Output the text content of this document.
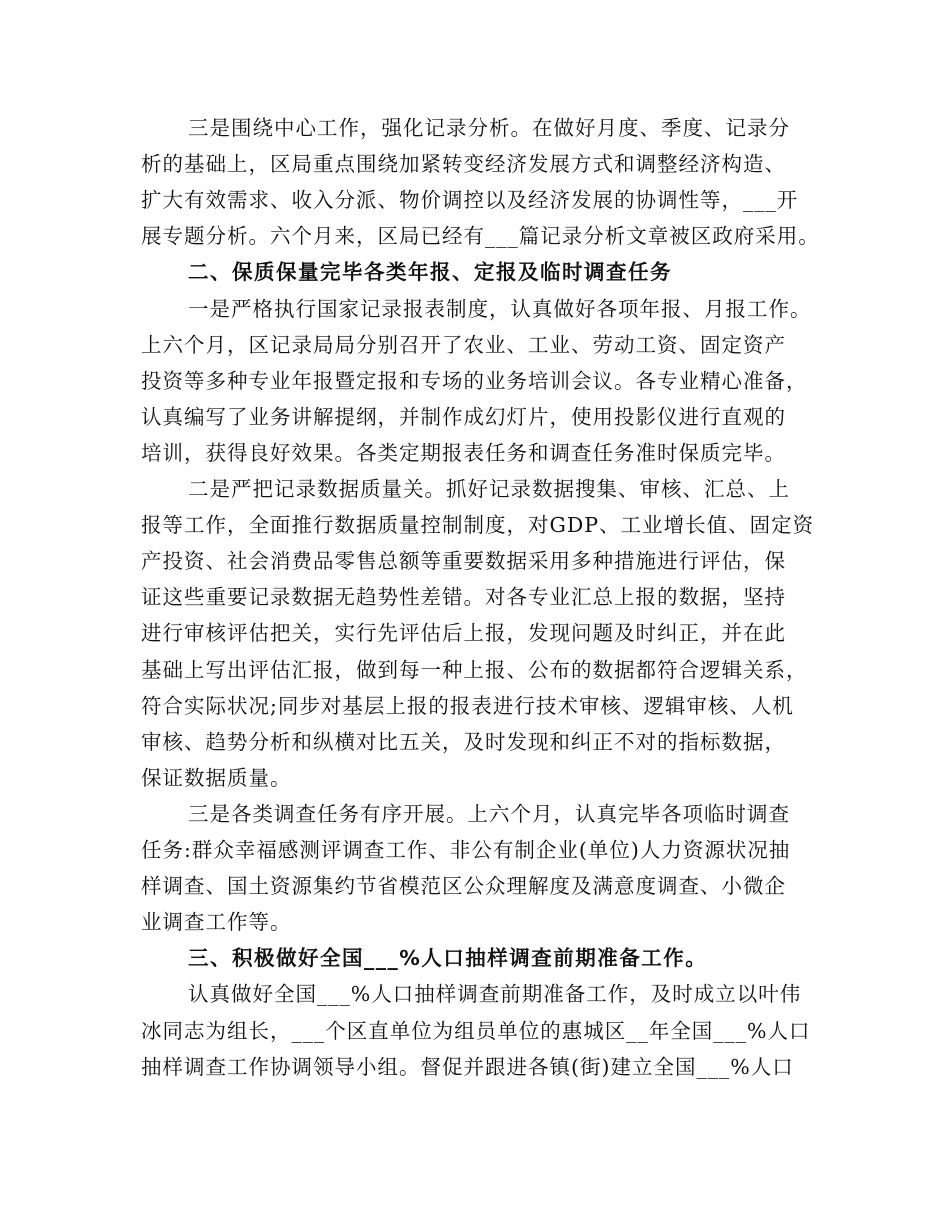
三是围绕中心工作，强化记录分析。在做好月度、季度、记录分

析的基础上，区局重点围绕加紧转变经济发展方式和调整经济构造、

扩大有效需求、收入分派、物价调控以及经济发展的协调性等，___开

展专题分析。六个月来，区局已经有___篇记录分析文章被区政府采用。

二、保质保量完毕各类年报、定报及临时调查任务

一是严格执行国家记录报表制度，认真做好各项年报、月报工作。

上六个月，区记录局局分别召开了农业、工业、劳动工资、固定资产

投资等多种专业年报暨定报和专场的业务培训会议。各专业精心准备，

认真编写了业务讲解提纲，并制作成幻灯片，使用投影仪进行直观的

培训，获得良好效果。各类定期报表任务和调查任务准时保质完毕。

二是严把记录数据质量关。抓好记录数据搜集、审核、汇总、上

报等工作，全面推行数据质量控制制度，对GDP、工业增长值、固定资

产投资、社会消费品零售总额等重要数据采用多种措施进行评估，保

证这些重要记录数据无趋势性差错。对各专业汇总上报的数据，坚持

进行审核评估把关，实行先评估后上报，发现问题及时纠正，并在此

基础上写出评估汇报，做到每一种上报、公布的数据都符合逻辑关系，

符合实际状况;同步对基层上报的报表进行技术审核、逻辑审核、人机

审核、趋势分析和纵横对比五关，及时发现和纠正不对的指标数据，

保证数据质量。

三是各类调查任务有序开展。上六个月，认真完毕各项临时调查

任务:群众幸福感测评调查工作、非公有制企业(单位)人力资源状况抽

样调查、国土资源集约节省模范区公众理解度及满意度调查、小微企

业调查工作等。

三、积极做好全国___%人口抽样调查前期准备工作。

认真做好全国___%人口抽样调查前期准备工作，及时成立以叶伟

冰同志为组长，___个区直单位为组员单位的惠城区__年全国___%人口

抽样调查工作协调领导小组。督促并跟进各镇(街)建立全国___%人口
